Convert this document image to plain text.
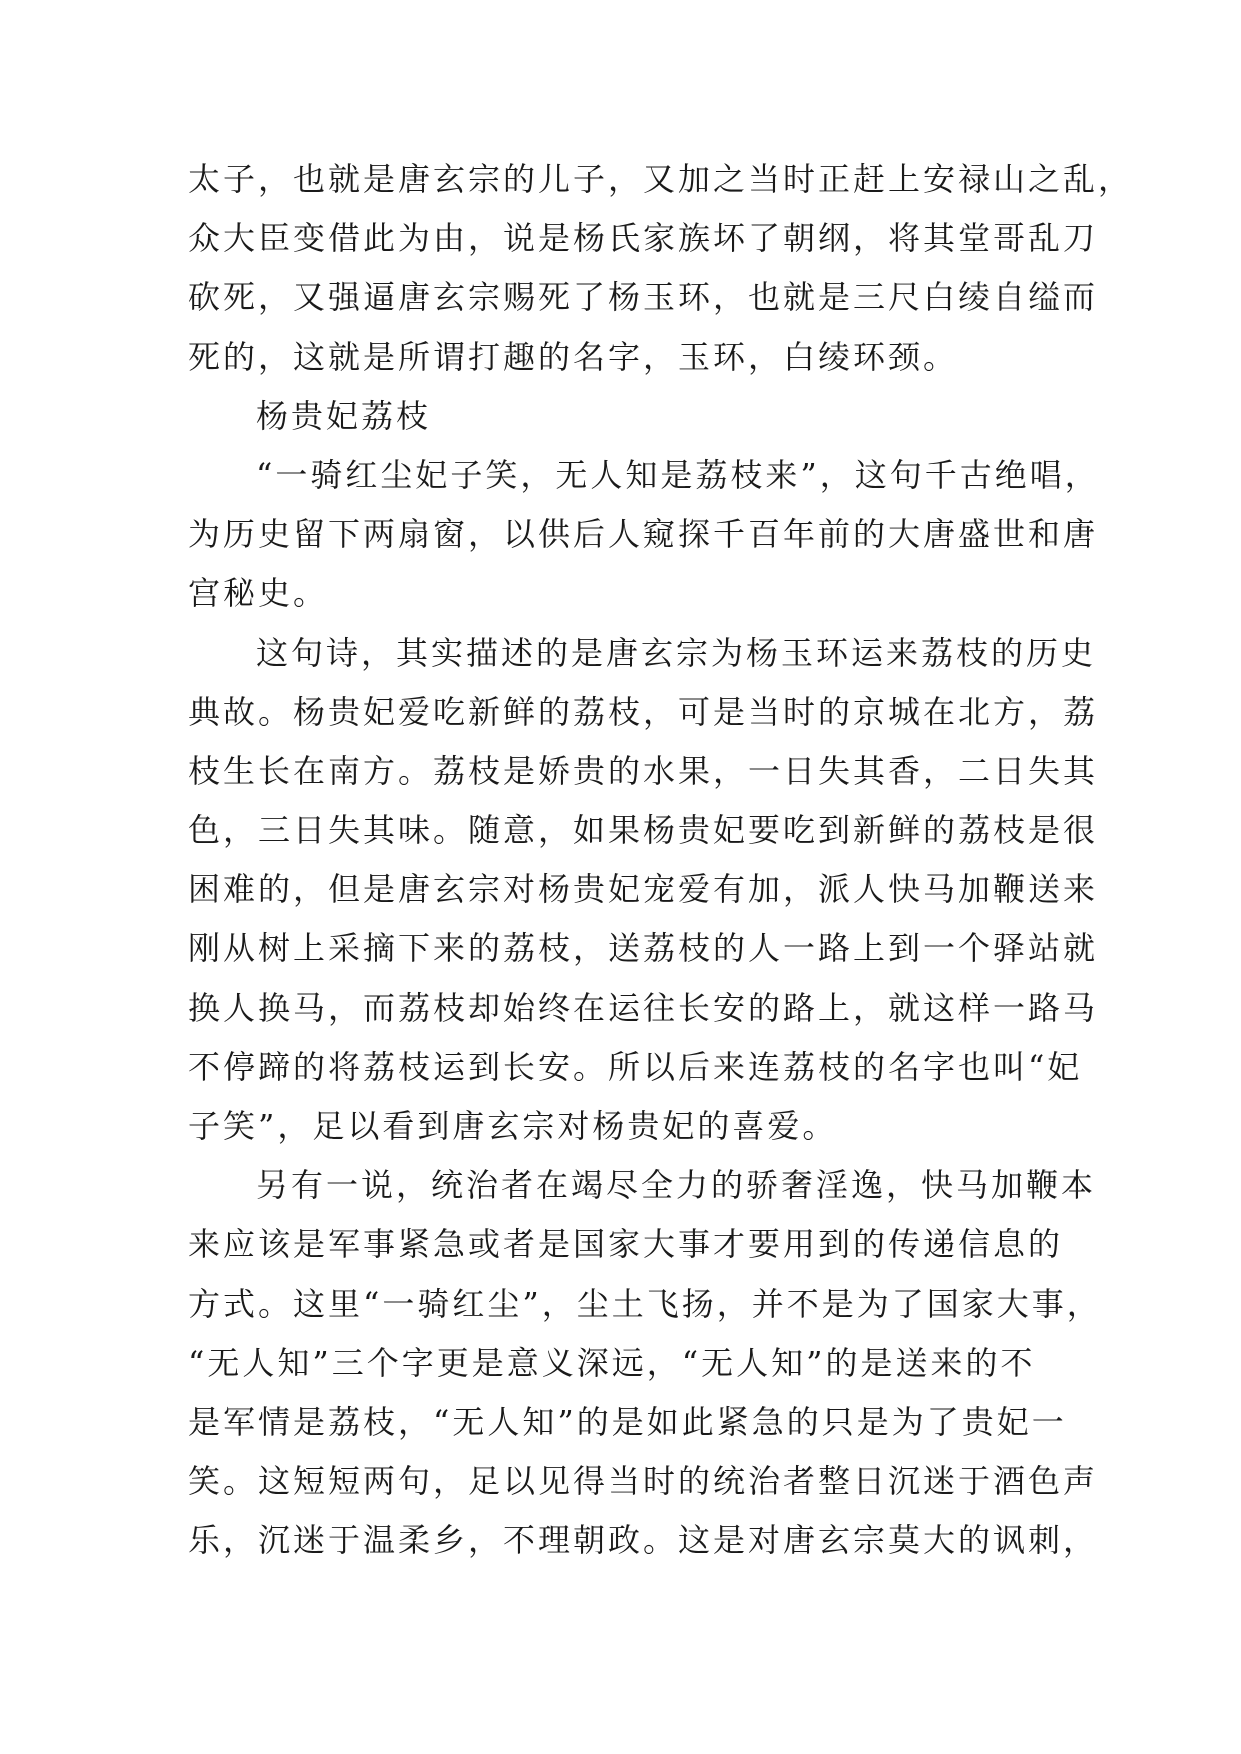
太子，也就是唐玄宗的儿子，又加之当时正赶上安禄山之乱，
众大臣变借此为由，说是杨氏家族坏了朝纲，将其堂哥乱刀
砍死，又强逼唐玄宗赐死了杨玉环，也就是三尺白绫自缢而
死的，这就是所谓打趣的名字，玉环，白绫环颈。
杨贵妃荔枝
“一骑红尘妃子笑，无人知是荔枝来”，这句千古绝唱，
为历史留下两扇窗，以供后人窥探千百年前的大唐盛世和唐
宫秘史。
这句诗，其实描述的是唐玄宗为杨玉环运来荔枝的历史
典故。杨贵妃爱吃新鲜的荔枝，可是当时的京城在北方，荔
枝生长在南方。荔枝是娇贵的水果，一日失其香，二日失其
色，三日失其味。随意，如果杨贵妃要吃到新鲜的荔枝是很
困难的，但是唐玄宗对杨贵妃宠爱有加，派人快马加鞭送来
刚从树上采摘下来的荔枝，送荔枝的人一路上到一个驿站就
换人换马，而荔枝却始终在运往长安的路上，就这样一路马
不停蹄的将荔枝运到长安。所以后来连荔枝的名字也叫“妃
子笑”，足以看到唐玄宗对杨贵妃的喜爱。
另有一说，统治者在竭尽全力的骄奢淫逸，快马加鞭本
来应该是军事紧急或者是国家大事才要用到的传递信息的
方式。这里“一骑红尘”，尘土飞扬，并不是为了国家大事，
“无人知”三个字更是意义深远，“无人知”的是送来的不
是军情是荔枝，“无人知”的是如此紧急的只是为了贵妃一
笑。这短短两句，足以见得当时的统治者整日沉迷于酒色声
乐，沉迷于温柔乡，不理朝政。这是对唐玄宗莫大的讽刺，
